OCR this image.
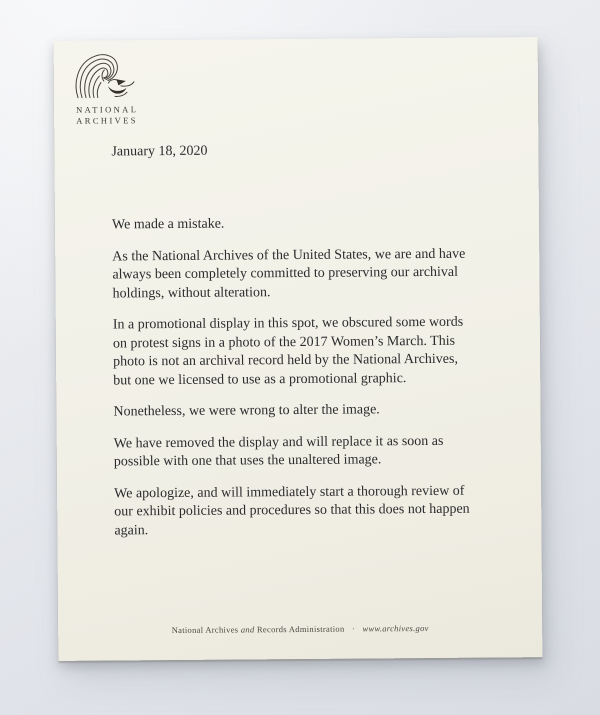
NATIONAL
ARCHIVES
January 18, 2020

We made a mistake.

As the National Archives of the United States, we are and have
always been completely committed to preserving our archival
holdings, without alteration.

In a promotional display in this spot, we obscured some words
on protest signs in a photo of the 2017 Women’s March. This
photo is not an archival record held by the National Archives,
but one we licensed to use as a promotional graphic.

Nonetheless, we were wrong to alter the image.

We have removed the display and will replace it as soon as
possible with one that uses the unaltered image.

We apologize, and will immediately start a thorough review of
our exhibit policies and procedures so that this does not happen
again.

National Archives and Records Administration · www.archives.gov
